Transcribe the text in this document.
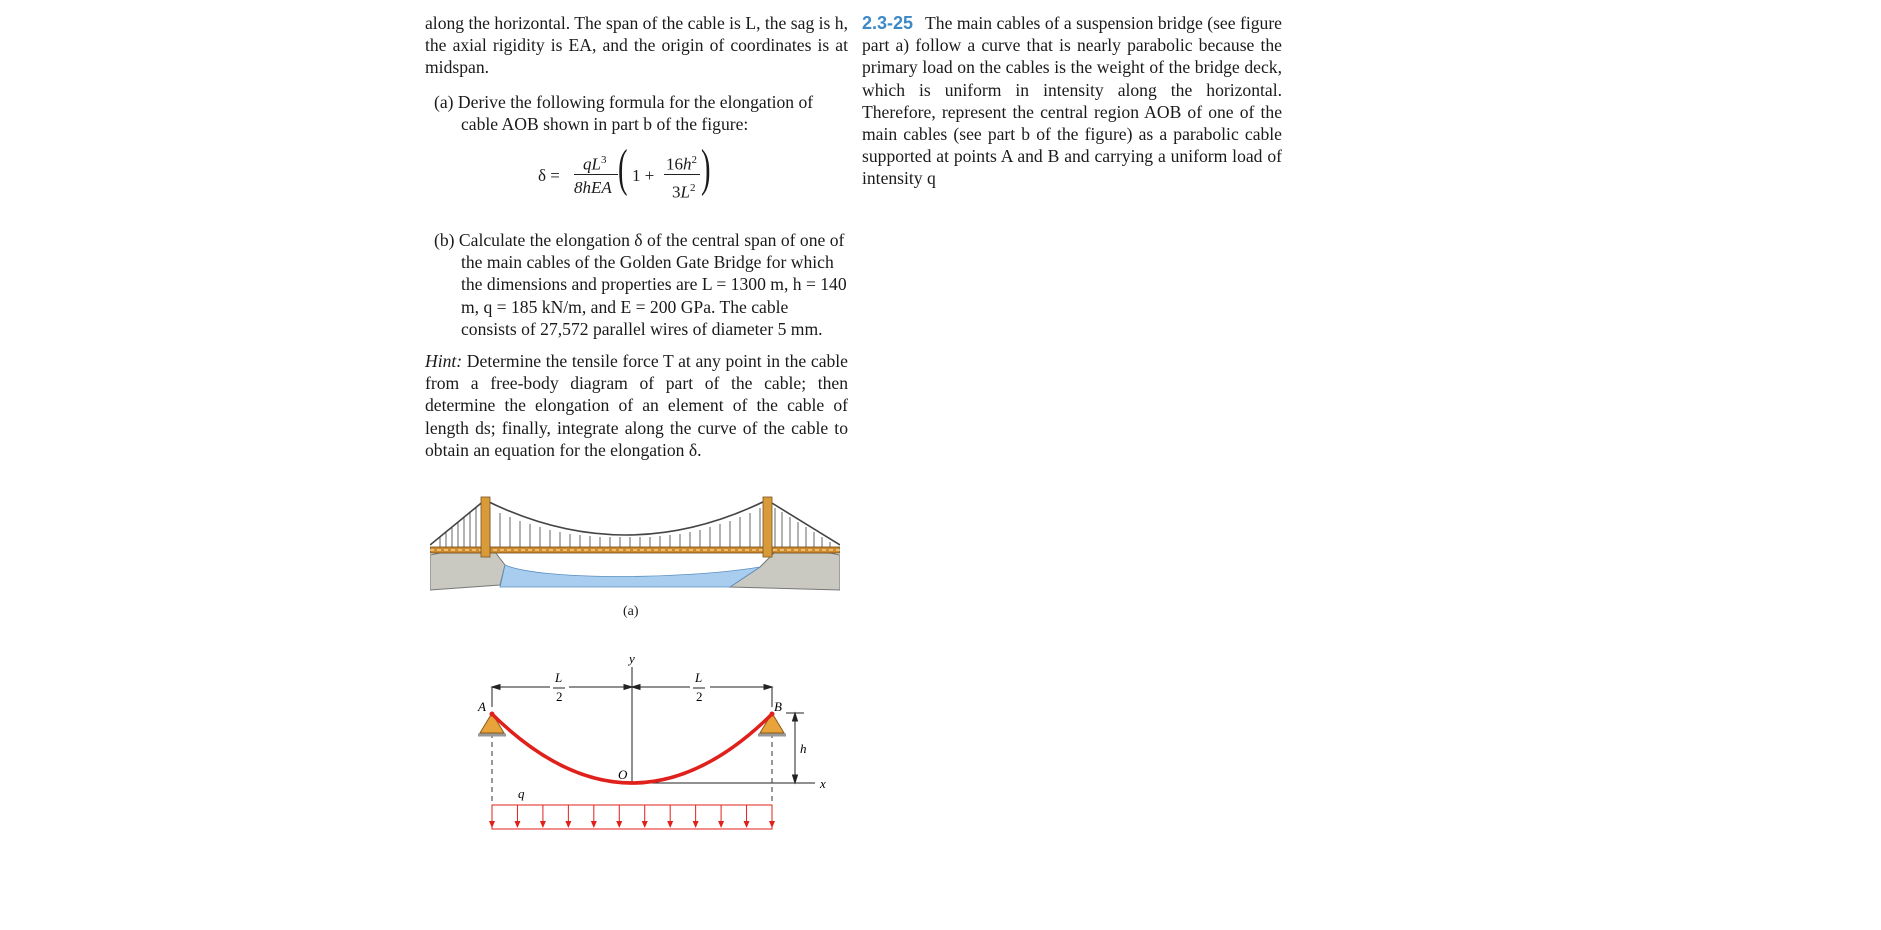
along the horizontal. The span of the cable is L, the sag is h, the axial rigidity is EA, and the origin of coordinates is at midspan.

(a) Derive the following formula for the elongation of cable AOB shown in part b of the figure:

δ =
$qL^3$
8hEA ( 1 +
$16h^2$
$3L^2$ )

(b) Calculate the elongation δ of the central span of one of the main cables of the Golden Gate Bridge for which the dimensions and properties are L = 1300 m, h = 140 m, q = 185 kN/m, and E = 200 GPa. The cable consists of 27,572 parallel wires of diameter 5 mm.

Hint: Determine the tensile force T at any point in the cable from a free-body diagram of part of the cable; then determine the elongation of an element of the cable of length ds; finally, integrate along the curve of the cable to obtain an equation for the elongation δ.

2.3-25 The main cables of a suspension bridge (see figure part a) follow a curve that is nearly parabolic because the primary load on the cables is the weight of the bridge deck, which is uniform in intensity along the horizontal. Therefore, represent the central region AOB of one of the main cables (see part b of the figure) as a parabolic cable supported at points A and B and carrying a uniform load of intensity q

(a)
L
2
L
2
y
x
h
A	B
O
q
